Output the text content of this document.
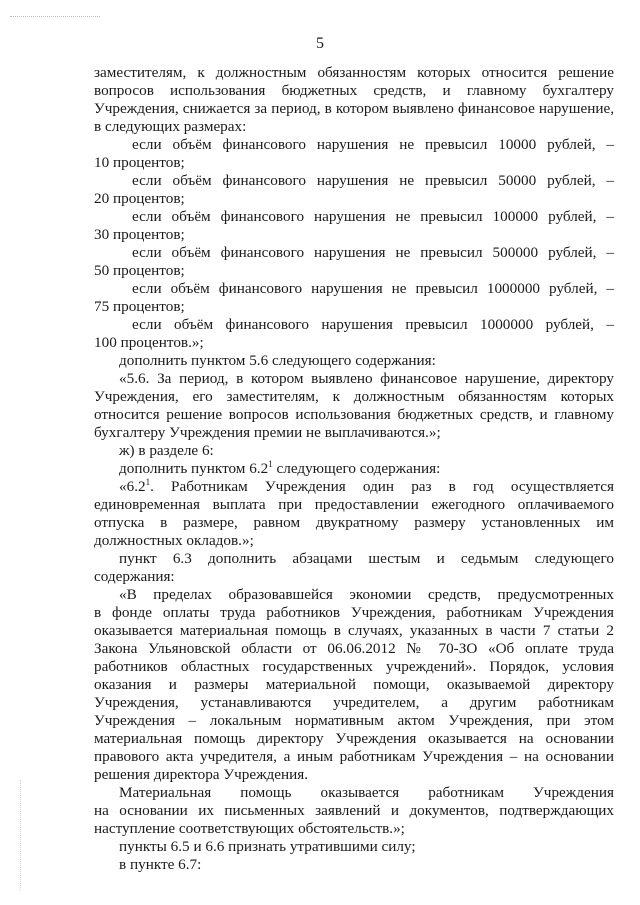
5
заместителям, к должностным обязанностям которых относится решение
вопросов использования бюджетных средств, и главному бухгалтеру
Учреждения, снижается за период, в котором выявлено финансовое нарушение,
в следующих размерах:
если объём финансового нарушения не превысил 10000 рублей, –
10 процентов;
если объём финансового нарушения не превысил 50000 рублей, –
20 процентов;
если объём финансового нарушения не превысил 100000 рублей, –
30 процентов;
если объём финансового нарушения не превысил 500000 рублей, –
50 процентов;
если объём финансового нарушения не превысил 1000000 рублей, –
75 процентов;
если объём финансового нарушения превысил 1000000 рублей, –
100 процентов.»;
дополнить пунктом 5.6 следующего содержания:
«5.6. За период, в котором выявлено финансовое нарушение, директору
Учреждения, его заместителям, к должностным обязанностям которых
относится решение вопросов использования бюджетных средств, и главному
бухгалтеру Учреждения премии не выплачиваются.»;
ж) в разделе 6:
дополнить пунктом $6.2^1$ следующего содержания:
«$6.2^1$. Работникам Учреждения один раз в год осуществляется
единовременная выплата при предоставлении ежегодного оплачиваемого
отпуска в размере, равном двукратному размеру установленных им
должностных окладов.»;
пункт 6.3 дополнить абзацами шестым и седьмым следующего
содержания:
«В пределах образовавшейся экономии средств, предусмотренных
в фонде оплаты труда работников Учреждения, работникам Учреждения
оказывается материальная помощь в случаях, указанных в части 7 статьи 2
Закона Ульяновской области от 06.06.2012 № 70-ЗО «Об оплате труда
работников областных государственных учреждений». Порядок, условия
оказания и размеры материальной помощи, оказываемой директору
Учреждения, устанавливаются учредителем, а другим работникам
Учреждения – локальным нормативным актом Учреждения, при этом
материальная помощь директору Учреждения оказывается на основании
правового акта учредителя, а иным работникам Учреждения – на основании
решения директора Учреждения.
Материальная помощь оказывается работникам Учреждения
на основании их письменных заявлений и документов, подтверждающих
наступление соответствующих обстоятельств.»;
пункты 6.5 и 6.6 признать утратившими силу;
в пункте 6.7:
